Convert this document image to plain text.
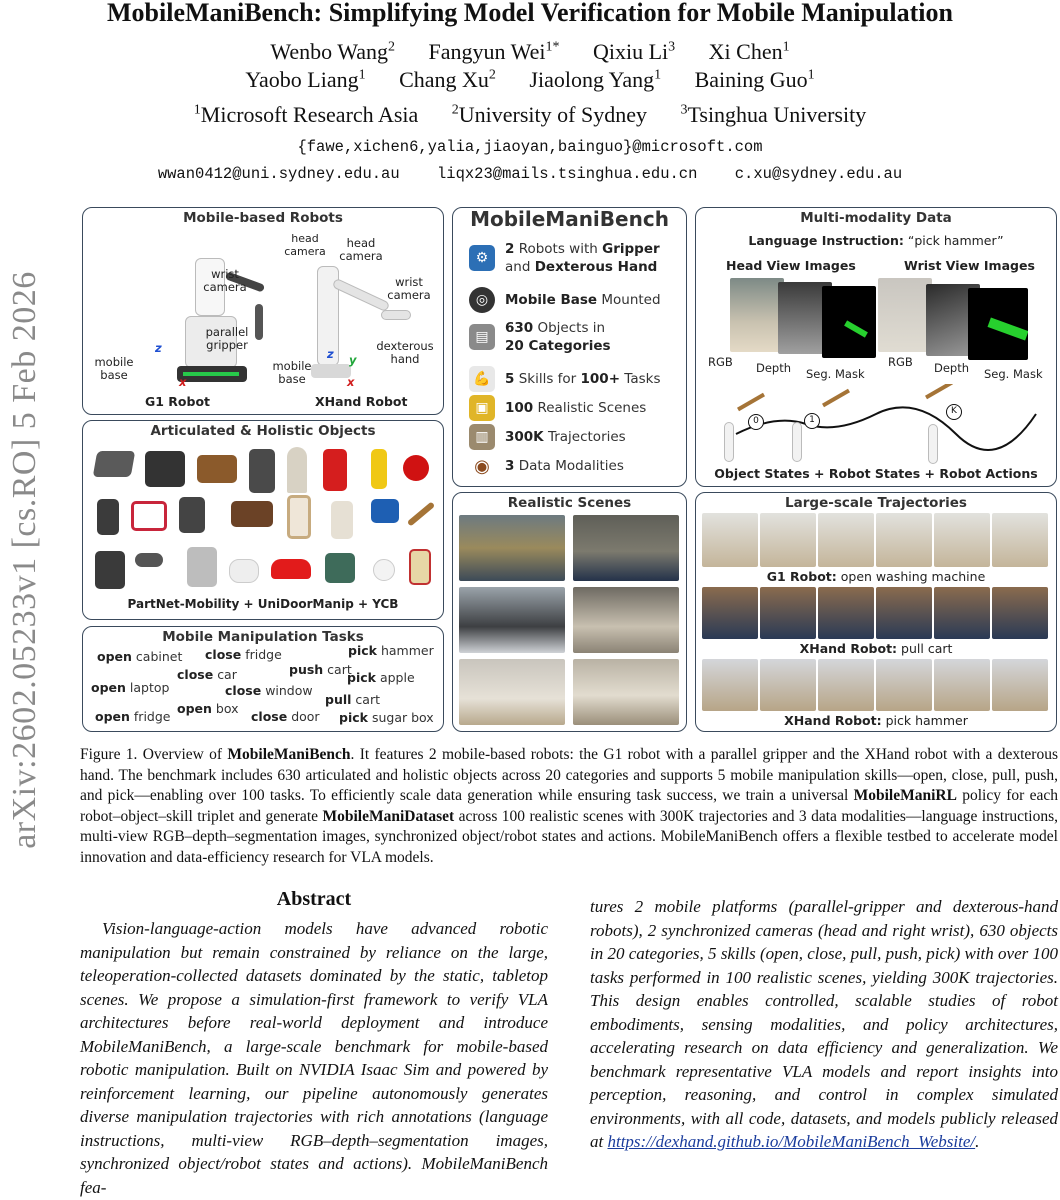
arXiv:2602.05233v1 [cs.RO] 5 Feb 2026
MobileManiBench: Simplifying Model Verification for Mobile Manipulation
Wenbo Wang$^2$ Fangyun Wei$^{1*}$ Qixiu Li$^3$ Xi Chen$^1$
Yaobo Liang$^1$ Chang Xu$^2$ Jiaolong Yang$^1$ Baining Guo$^1$
$^1$Microsoft Research Asia $^2$University of Sydney $^3$Tsinghua University
{fawe,xichen6,yalia,jiaoyan,bainguo}@microsoft.com
wwan0412@uni.sydney.edu.au liqx23@mails.tsinghua.edu.cn c.xu@sydney.edu.au
Mobile-based Robots
head camera
wrist camera
parallel gripper
mobile base
z
x
G1 Robot
head camera
wrist camera
dexterous hand
mobile base
z y
x
XHand Robot
Articulated & Holistic Objects
PartNet-Mobility + UniDoorManip + YCB
Mobile Manipulation Tasks
open cabinet close fridge	pick hammer
push cart
close car	pick apple
open laptop	close window
pull cart
open box
open fridge	close door pick sugar box
MobileManiBench
⚙
2 Robots with Gripper
and Dexterous Hand
◎	Mobile Base Mounted
▤
630 Objects in
20 Categories
💪	5 Skills for 100+ Tasks
▣	100 Realistic Scenes
▥	300K Trajectories
◉	3 Data Modalities
Multi-modality Data
Language Instruction: “pick hammer”
Head View Images	Wrist View Images
RGB Depth Seg. Mask
RGB Depth Seg. Mask
0	1
K
Object States + Robot States + Robot Actions
Realistic Scenes	Large-scale Trajectories
G1 Robot: open washing machine
XHand Robot: pull cart
XHand Robot: pick hammer
Figure 1. Overview of MobileManiBench. It features 2 mobile-based robots: the G1 robot with a parallel gripper and the XHand robot with a dexterous hand. The benchmark includes 630 articulated and holistic objects across 20 categories and supports 5 mobile manipulation skills—open, close, pull, push, and pick—enabling over 100 tasks. To efficiently scale data generation while ensuring task success, we train a universal MobileManiRL policy for each robot–object–skill triplet and generate MobileManiDataset across 100 realistic scenes with 300K trajectories and 3 data modalities—language instructions, multi-view RGB–depth–segmentation images, synchronized object/robot states and actions. MobileManiBench offers a flexible testbed to accelerate model innovation and data-efficiency research for VLA models.
Abstract
Vision-language-action models have advanced robotic manipulation but remain constrained by reliance on the large, teleoperation-collected datasets dominated by the static, tabletop scenes. We propose a simulation-first framework to verify VLA architectures before real-world deployment and introduce MobileManiBench, a large-scale benchmark for mobile-based robotic manipulation. Built on NVIDIA Isaac Sim and powered by reinforcement learning, our pipeline autonomously generates diverse manipulation trajectories with rich annotations (language instructions, multi-view RGB–depth–segmentation images, synchronized object/robot states and actions). MobileManiBench fea-
tures 2 mobile platforms (parallel-gripper and dexterous-hand robots), 2 synchronized cameras (head and right wrist), 630 objects in 20 categories, 5 skills (open, close, pull, push, pick) with over 100 tasks performed in 100 realistic scenes, yielding 300K trajectories. This design enables controlled, scalable studies of robot embodiments, sensing modalities, and policy architectures, accelerating research on data efficiency and generalization. We benchmark representative VLA models and report insights into perception, reasoning, and control in complex simulated environments, with all code, datasets, and models publicly released at https://dexhand.github.io/MobileManiBench_Website/.
